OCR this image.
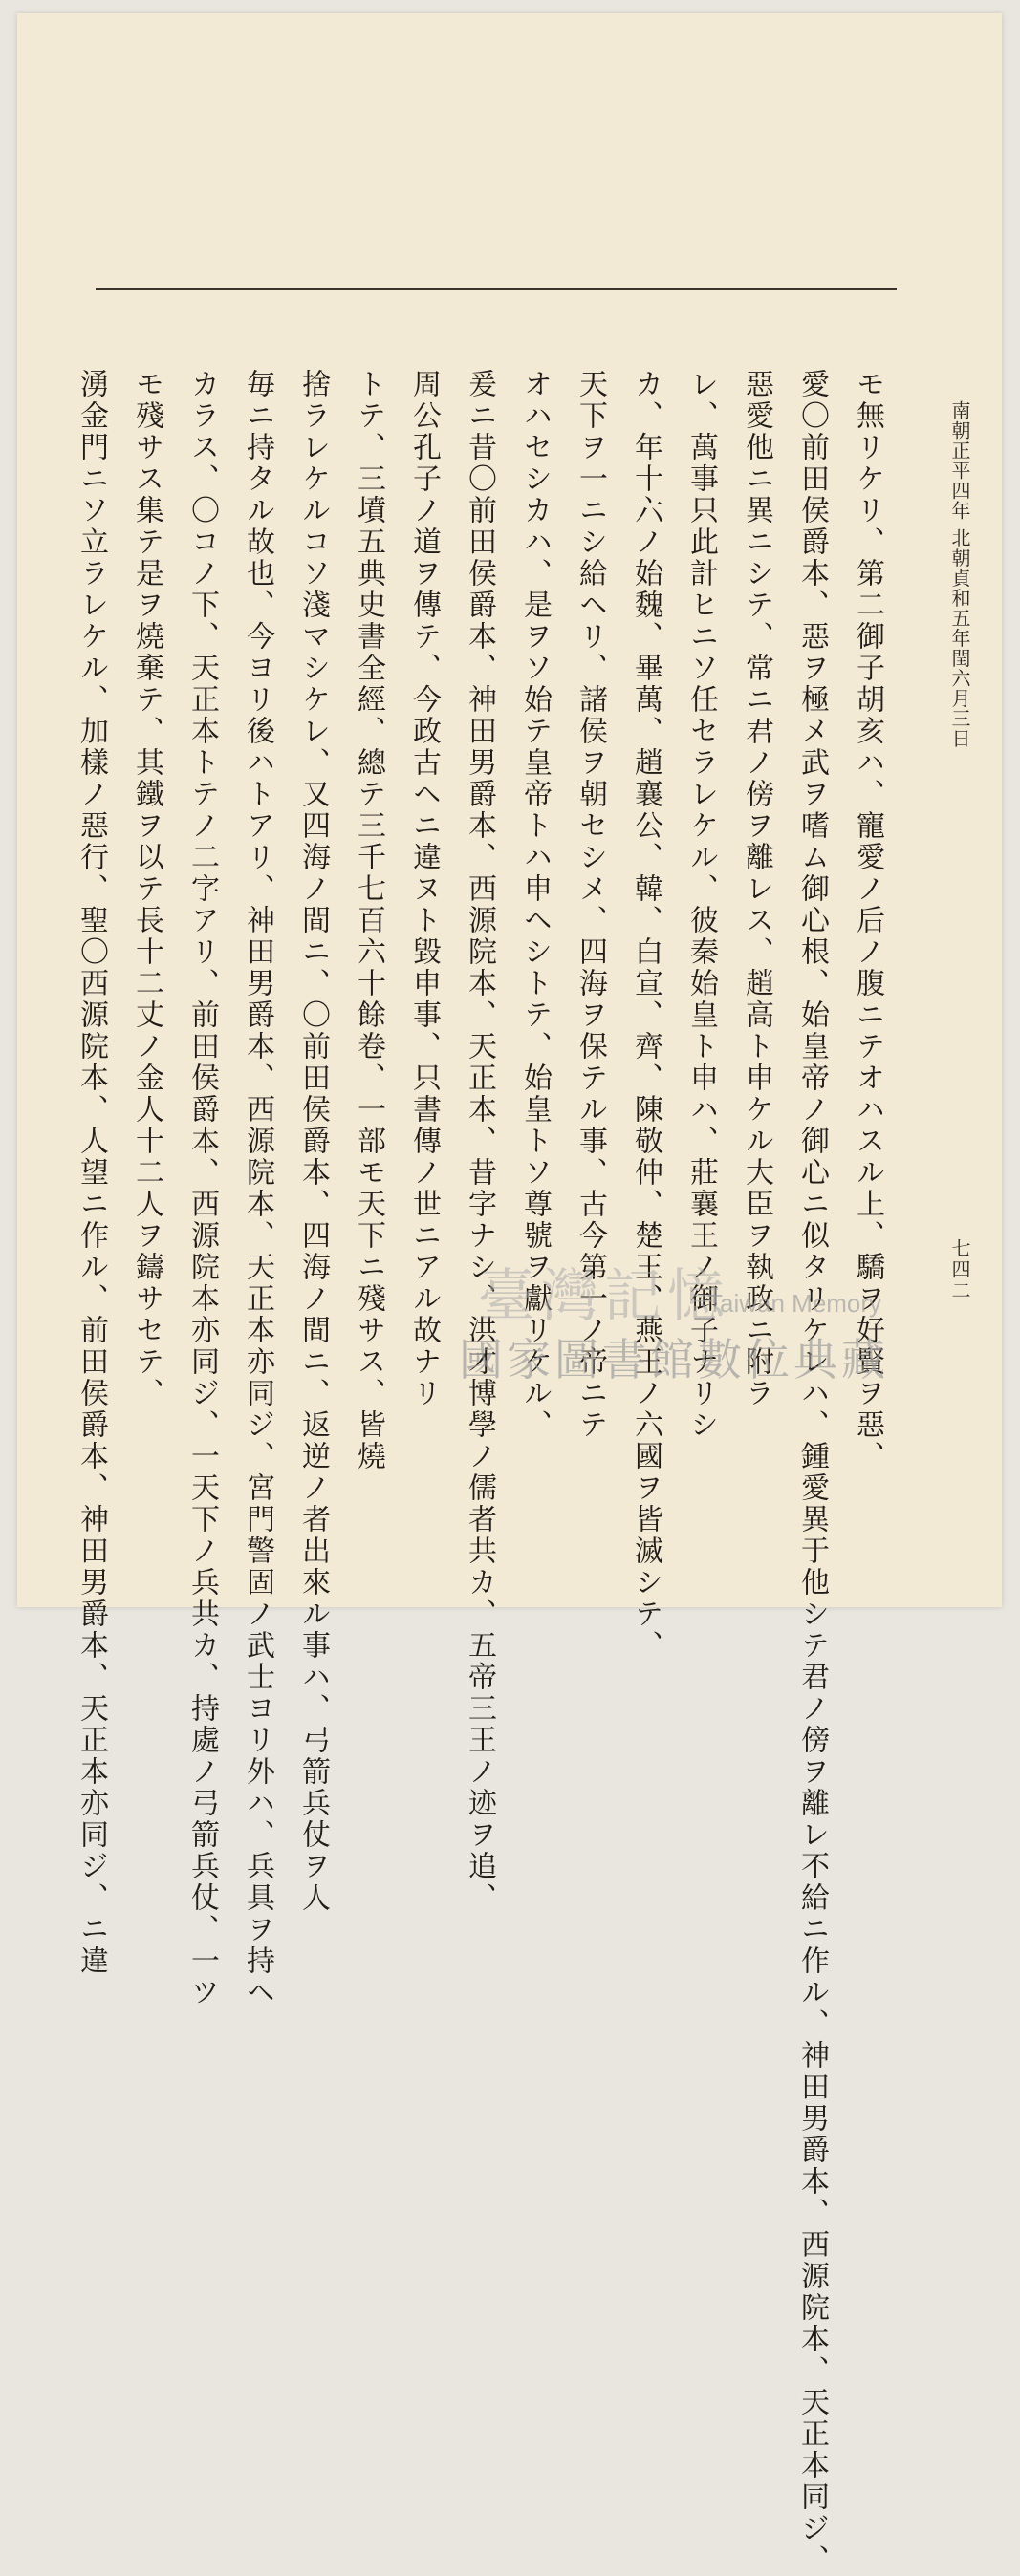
南朝正平四年 北朝貞和五年閏六月三日
七四二
モ無リケリ、第二御子胡亥ハ、寵愛ノ后ノ腹ニテオハスル上、驕ヲ好賢ヲ惡、
愛〇前田侯爵本、惡ヲ極メ武ヲ嗜ム御心根、始皇帝ノ御心ニ似タリケレハ、鍾愛異于他シテ君ノ傍ヲ離レ不給ニ作ル、神田男爵本、西源院本、天正本同ジ、
惡愛他ニ異ニシテ、常ニ君ノ傍ヲ離レス、趙高ト申ケル大臣ヲ執政ニ附ラ
レ、萬事只此計ヒニソ任セラレケル、彼秦始皇ト申ハ、莊襄王ノ御子ナリシ
カ、年十六ノ始魏、畢萬、趙襄公、韓、白宣、齊、陳敬仲、楚王、燕王ノ六國ヲ皆滅シテ、
天下ヲ一ニシ給ヘリ、諸侯ヲ朝セシメ、四海ヲ保テル事、古今第一ノ帝ニテ
オハセシカハ、是ヲソ始テ皇帝トハ申ヘシトテ、始皇トソ尊號ヲ獻リケル、
爰ニ昔〇前田侯爵本、神田男爵本、西源院本、天正本、昔字ナシ、洪才博學ノ儒者共カ、五帝三王ノ迹ヲ追、
周公孔子ノ道ヲ傳テ、今政古ヘニ違ヌト毀申事、只書傳ノ世ニアル故ナリ
トテ、三墳五典史書全經、總テ三千七百六十餘卷、一部モ天下ニ殘サス、皆燒
捨ラレケルコソ淺マシケレ、又四海ノ間ニ、〇前田侯爵本、四海ノ間ニ、返逆ノ者出來ル事ハ、弓箭兵仗ヲ人
毎ニ持タル故也、今ヨリ後ハトアリ、神田男爵本、西源院本、天正本亦同ジ、宮門警固ノ武士ヨリ外ハ、兵具ヲ持ヘ
カラス、〇コノ下、天正本トテノ二字アリ、前田侯爵本、西源院本亦同ジ、一天下ノ兵共カ、持處ノ弓箭兵仗、一ツ
モ殘サス集テ是ヲ燒棄テ、其鐵ヲ以テ長十二丈ノ金人十二人ヲ鑄サセテ、
湧金門ニソ立ラレケル、加樣ノ惡行、聖〇西源院本、人望ニ作ル、前田侯爵本、神田男爵本、天正本亦同ジ、ニ違	臺灣記憶
Taiwan Memory
國家圖書館數位典藏
